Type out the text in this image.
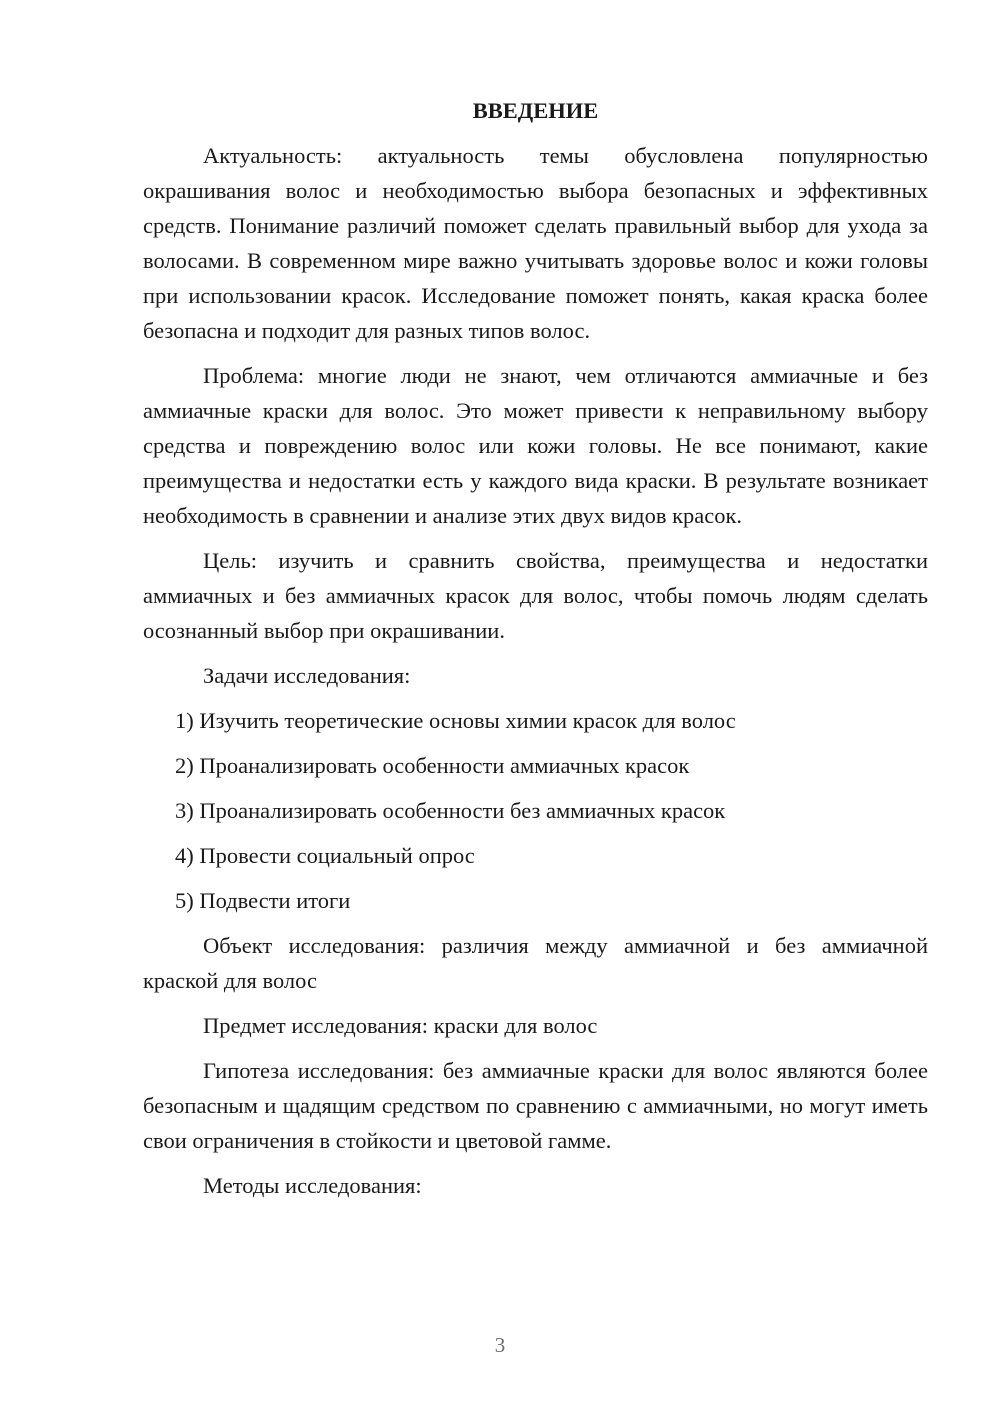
ВВЕДЕНИЕ

Актуальность: актуальность темы обусловлена популярностью окрашивания волос и необходимостью выбора безопасных и эффективных средств. Понимание различий поможет сделать правильный выбор для ухода за волосами. В современном мире важно учитывать здоровье волос и кожи головы при использовании красок. Исследование поможет понять, какая краска более безопасна и подходит для разных типов волос.

Проблема: многие люди не знают, чем отличаются аммиачные и без аммиачные краски для волос. Это может привести к неправильному выбору средства и повреждению волос или кожи головы. Не все понимают, какие преимущества и недостатки есть у каждого вида краски. В результате возникает необходимость в сравнении и анализе этих двух видов красок.

Цель: изучить и сравнить свойства, преимущества и недостатки аммиачных и без аммиачных красок для волос, чтобы помочь людям сделать осознанный выбор при окрашивании.

Задачи исследования:
1) Изучить теоретические основы химии красок для волос
2) Проанализировать особенности аммиачных красок
3) Проанализировать особенности без аммиачных красок
4) Провести социальный опрос
5) Подвести итоги

Объект исследования: различия между аммиачной и без аммиачной краской для волос

Предмет исследования: краски для волос

Гипотеза исследования: без аммиачные краски для волос являются более безопасным и щадящим средством по сравнению с аммиачными, но могут иметь свои ограничения в стойкости и цветовой гамме.

Методы исследования:
3
